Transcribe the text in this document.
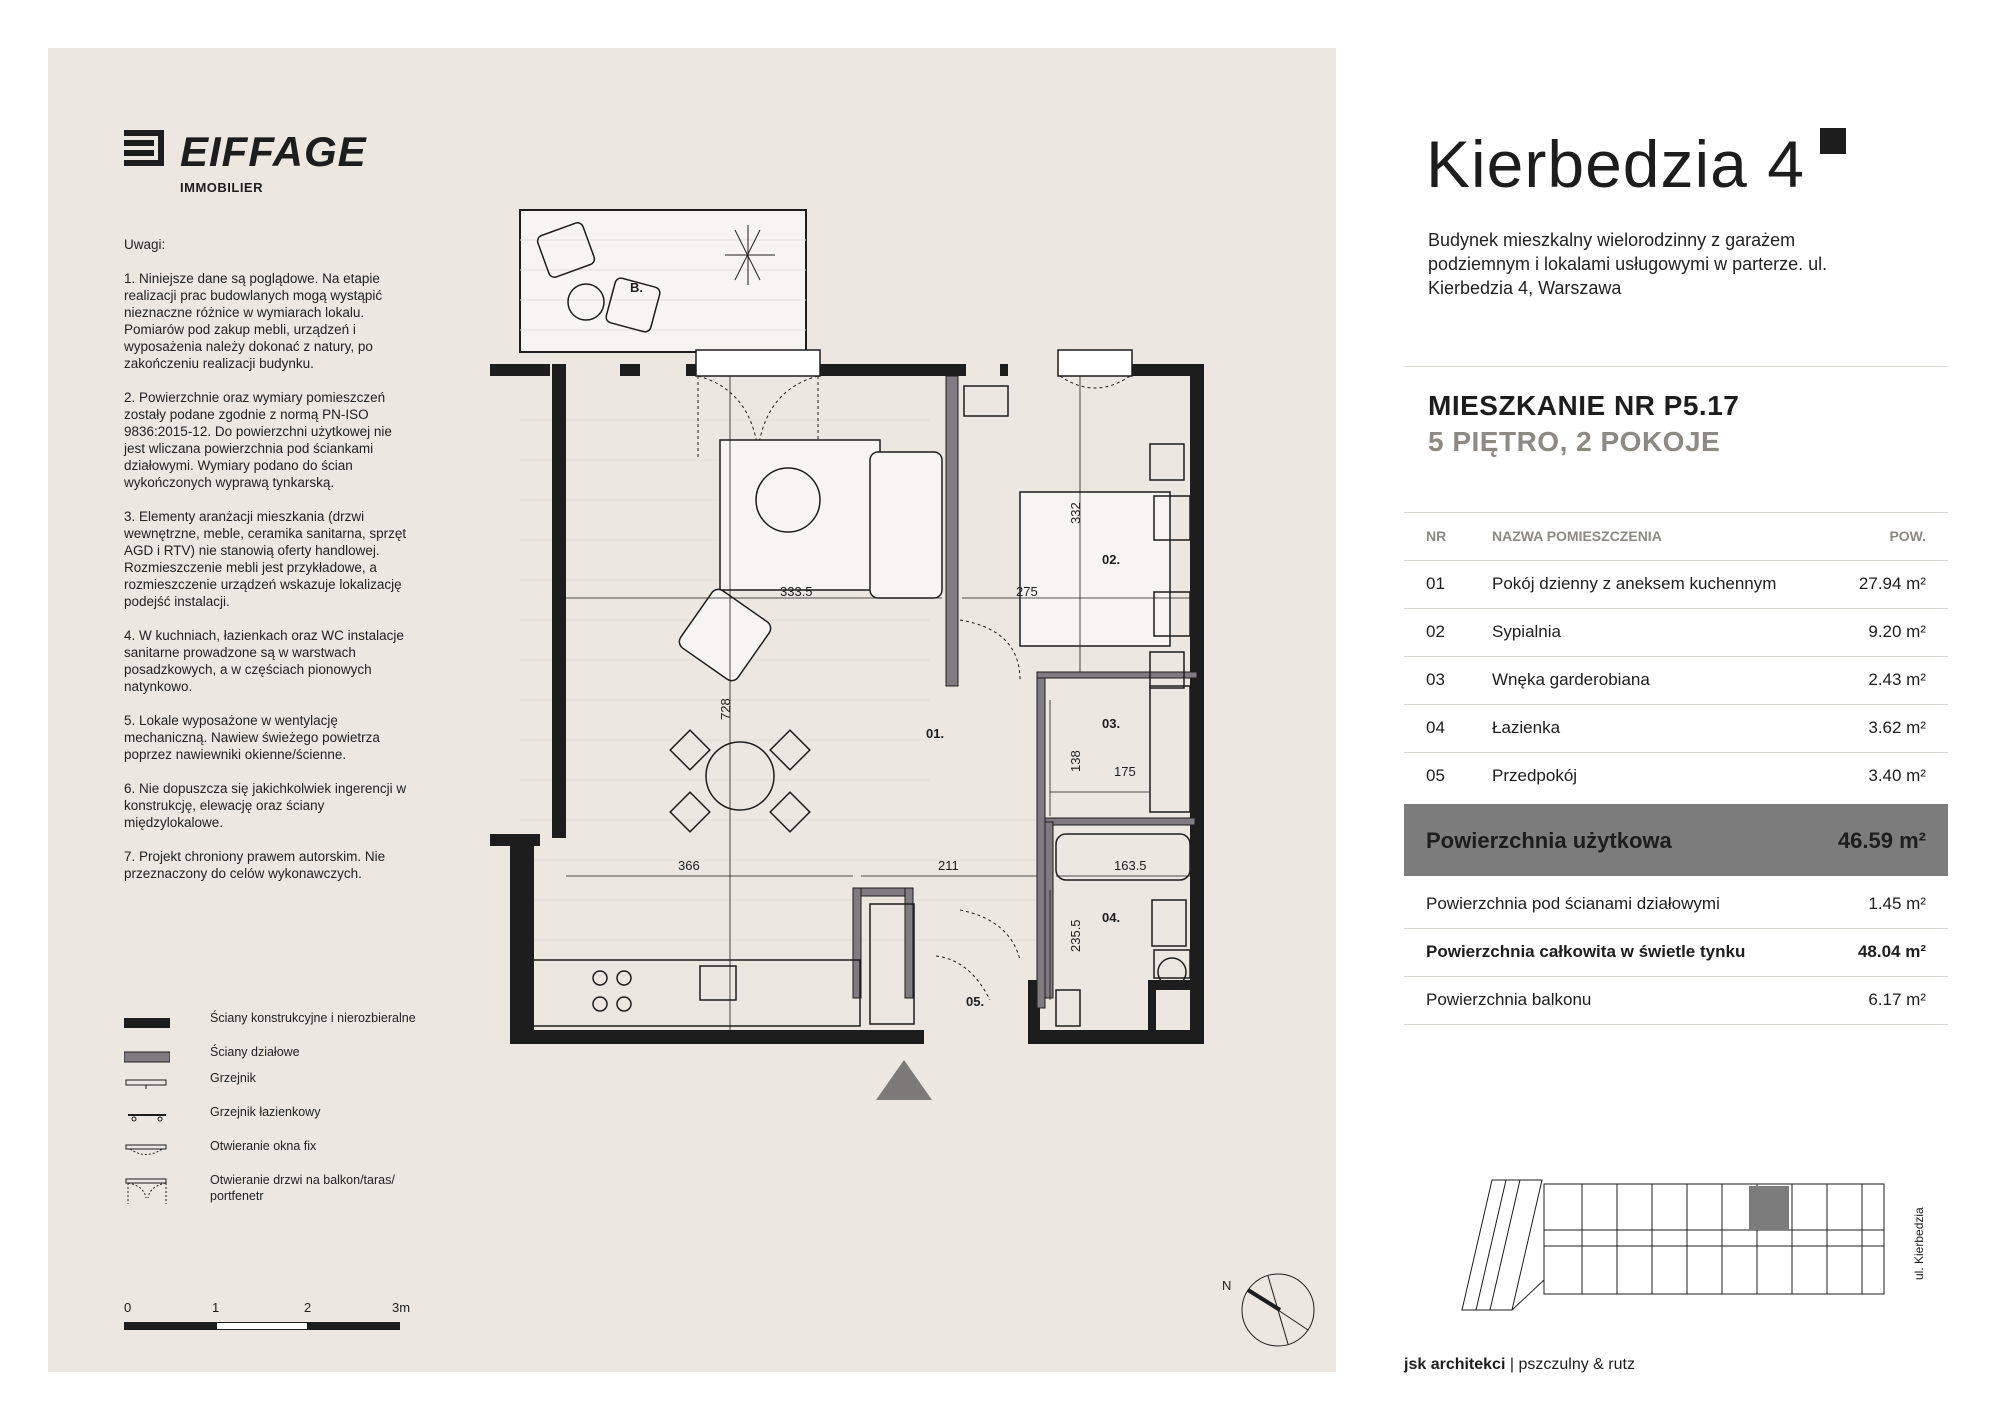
EIFFAGE
IMMOBILIER

Uwagi:

1. Niniejsze dane są poglądowe. Na etapie realizacji prac budowlanych mogą wystąpić nieznaczne różnice w wymiarach lokalu. Pomiarów pod zakup mebli, urządzeń i wyposażenia należy dokonać z natury, po zakończeniu realizacji budynku.

2. Powierzchnie oraz wymiary pomieszczeń zostały podane zgodnie z normą PN-ISO 9836:2015-12. Do powierzchni użytkowej nie jest wliczana powierzchnia pod ściankami działowymi. Wymiary podano do ścian wykończonych wyprawą tynkarską.

3. Elementy aranżacji mieszkania (drzwi wewnętrzne, meble, ceramika sanitarna, sprzęt AGD i RTV) nie stanowią oferty handlowej. Rozmieszczenie mebli jest przykładowe, a rozmieszczenie urządzeń wskazuje lokalizację podejść instalacji.

4. W kuchniach, łazienkach oraz WC instalacje sanitarne prowadzone są w warstwach posadzkowych, a w częściach pionowych natynkowo.

5. Lokale wyposażone w wentylację mechaniczną. Nawiew świeżego powietrza poprzez nawiewniki okienne/ścienne.

6. Nie dopuszcza się jakichkolwiek ingerencji w konstrukcję, elewację oraz ściany międzylokalowe.

7. Projekt chroniony prawem autorskim. Nie przeznaczony do celów wykonawczych.

Ściany konstrukcyjne i nierozbieralne
Ściany działowe
Grzejnik
Grzejnik łazienkowy
Otwieranie okna fix
Otwieranie drzwi na balkon/taras/ portfenetr
0	1	2	3m
B.
01.
02.
03.
04.
05.
333.5	275
332
728
138 175
163.5
366	211
235.5
N
Kierbedzia 4
Budynek mieszkalny wielorodzinny z garażem podziemnym i lokalami usługowymi w parterze. ul. Kierbedzia 4, Warszawa
MIESZKANIE NR P5.17
5 PIĘTRO, 2 POKOJE
NR	NAZWA POMIESZCZENIA	POW.
01	Pokój dzienny z aneksem kuchennym	27.94 m²
02	Sypialnia	9.20 m²
03	Wnęka garderobiana	2.43 m²
04	Łazienka	3.62 m²
05	Przedpokój	3.40 m²
Powierzchnia użytkowa	46.59 m²
Powierzchnia pod ścianami działowymi	1.45 m²
Powierzchnia całkowita w świetle tynku	48.04 m²
Powierzchnia balkonu	6.17 m²
ul. Kierbedzia
jsk architekci | pszczulny & rutz
